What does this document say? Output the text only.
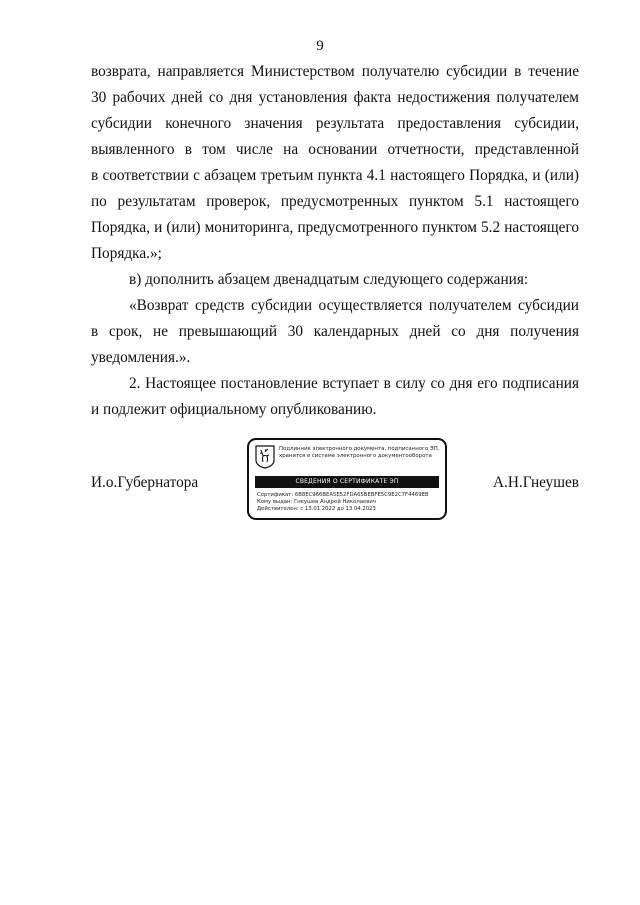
9

возврата, направляется Министерством получателю субсидии в течение
30 рабочих дней со дня установления факта недостижения получателем
субсидии конечного значения результата предоставления субсидии,
выявленного в том числе на основании отчетности, представленной
в соответствии с абзацем третьим пункта 4.1 настоящего Порядка, и (или)
по результатам проверок, предусмотренных пунктом 5.1 настоящего
Порядка, и (или) мониторинга, предусмотренного пунктом 5.2 настоящего
Порядка.»;

в) дополнить абзацем двенадцатым следующего содержания:

«Возврат средств субсидии осуществляется получателем субсидии
в срок, не превышающий 30 календарных дней со дня получения
уведомления.».

2. Настоящее постановление вступает в силу со дня его подписания
и подлежит официальному опубликованию.

И.о.Губернатора
Подлинник электронного документа, подписанного ЭП,
хранится в системе электронного документооборота
СВЕДЕНИЯ О СЕРТИФИКАТЕ ЭП
Сертификат: 6B8EC966BEA5E52FDA65BEBFE5C9E2C7F4469EB
Кому выдан: Гнеушев Андрей Николаевич
Действителен: с 13.01.2022 до 13.04.2023
А.Н.Гнеушев
